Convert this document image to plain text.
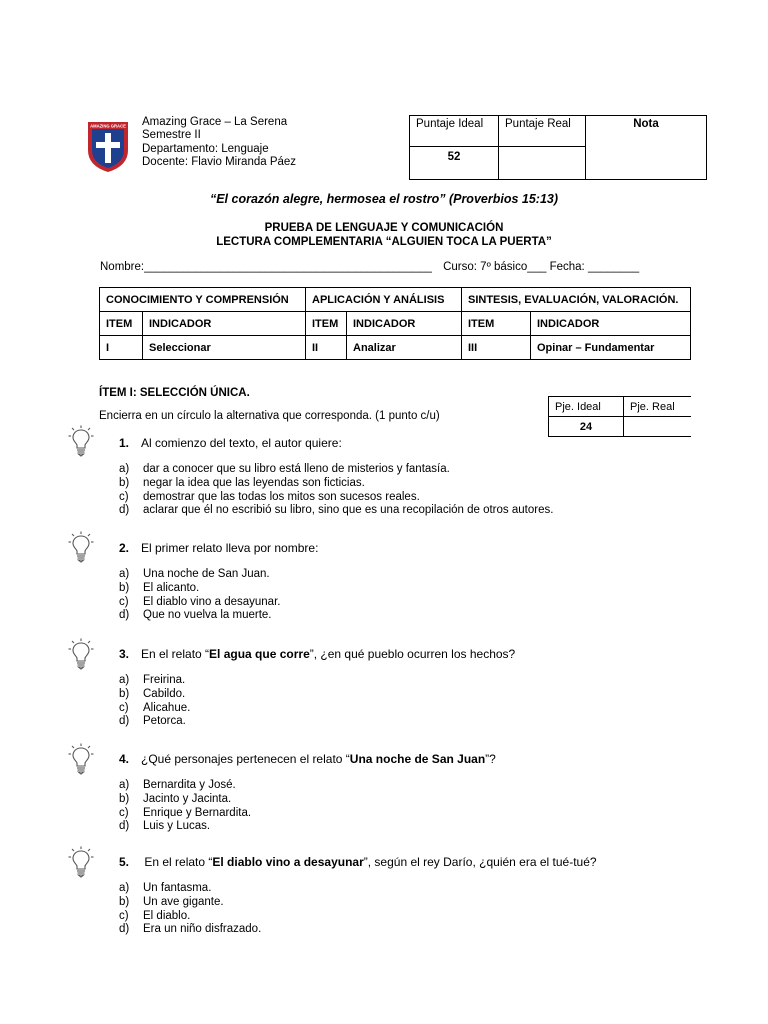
AMAZING GRACE Amazing Grace – La Serena
Semestre II
Departamento: Lenguaje
Docente: Flavio Miranda Páez
Puntaje Ideal	Puntaje Real	Nota
52		
“El corazón alegre, hermosea el rostro” (Proverbios 15:13)
PRUEBA DE LENGUAJE Y COMUNICACIÓN
LECTURA COMPLEMENTARIA “ALGUIEN TOCA LA PUERTA”
Nombre:_____________________________________________ Curso: 7º básico___ Fecha: ________
CONOCIMIENTO Y COMPRENSIÓN		APLICACIÓN Y ANÁLISIS		SINTESIS, EVALUACIÓN, VALORACIÓN.	
ITEM	INDICADOR	ITEM	INDICADOR	ITEM	INDICADOR
I	Seleccionar	II	Analizar	III	Opinar – Fundamentar
ÍTEM I: SELECCIÓN ÚNICA.
Encierra en un círculo la alternativa que corresponda. (1 punto c/u)
Pje. Ideal	Pje. Real
24	
1. Al comienzo del texto, el autor quiere:
a) dar a conocer que su libro está lleno de misterios y fantasía.
b) negar la idea que las leyendas son ficticias.
c) demostrar que las todas los mitos son sucesos reales.
d) aclarar que él no escribió su libro, sino que es una recopilación de otros autores.
2. El primer relato lleva por nombre:
a) Una noche de San Juan.
b) El alicanto.
c) El diablo vino a desayunar.
d) Que no vuelva la muerte.
3. En el relato “El agua que corre”, ¿en qué pueblo ocurren los hechos?
a) Freirina.
b) Cabildo.
c) Alicahue.
d) Petorca.
4. ¿Qué personajes pertenecen el relato “Una noche de San Juan”?
a) Bernardita y José.
b) Jacinto y Jacinta.
c) Enrique y Bernardita.
d) Luis y Lucas.
5. En el relato “El diablo vino a desayunar”, según el rey Darío, ¿quién era el tué-tué?
a) Un fantasma.
b) Un ave gigante.
c) El diablo.
d) Era un niño disfrazado.
